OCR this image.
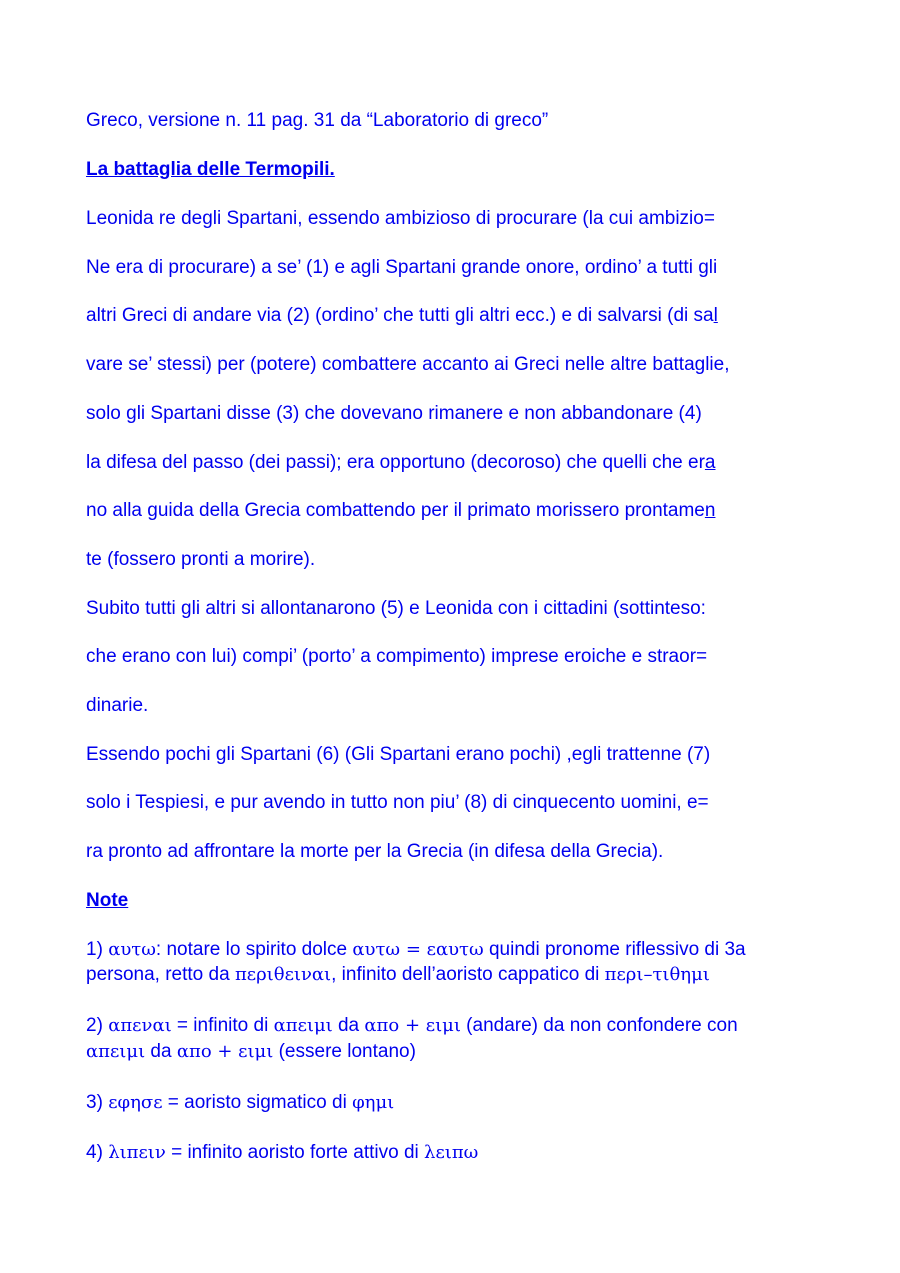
Greco, versione n. 11 pag. 31 da “Laboratorio di greco”
La battaglia delle Termopili.
Leonida re degli Spartani, essendo ambizioso di procurare (la cui ambizio=
Ne era di procurare) a se’ (1) e agli Spartani grande onore, ordino’ a tutti gli
altri Greci di andare via (2) (ordino’ che tutti gli altri ecc.) e di salvarsi (di sal
vare se’ stessi) per (potere) combattere accanto ai Greci nelle altre battaglie,
solo gli Spartani disse (3) che dovevano rimanere e non abbandonare (4)
la difesa del passo (dei passi); era opportuno (decoroso) che quelli che era
no alla guida della Grecia combattendo per il primato morissero prontamen
te (fossero pronti a morire).
Subito tutti gli altri si allontanarono (5) e Leonida con i cittadini (sottinteso:
che erano con lui) compi’ (porto’ a compimento) imprese eroiche e straor=
dinarie.
Essendo pochi gli Spartani (6) (Gli Spartani erano pochi) ,egli trattenne (7)
solo i Tespiesi, e pur avendo in tutto non piu’ (8) di cinquecento uomini, e=
ra pronto ad affrontare la morte per la Grecia (in difesa della Grecia).
Note
1) αυτω: notare lo spirito dolce αυτω = εαυτω quindi pronome riflessivo di 3a
persona, retto da περιθειναι, infinito dell’aoristo cappatico di περι–τιθημι
2) απεναι = infinito di απειμι da απο + ειμι (andare) da non confondere con
απειμι da απο + ειμι (essere lontano)
3) εφησε = aoristo sigmatico di φημι
4) λιπειν = infinito aoristo forte attivo di λειπω
